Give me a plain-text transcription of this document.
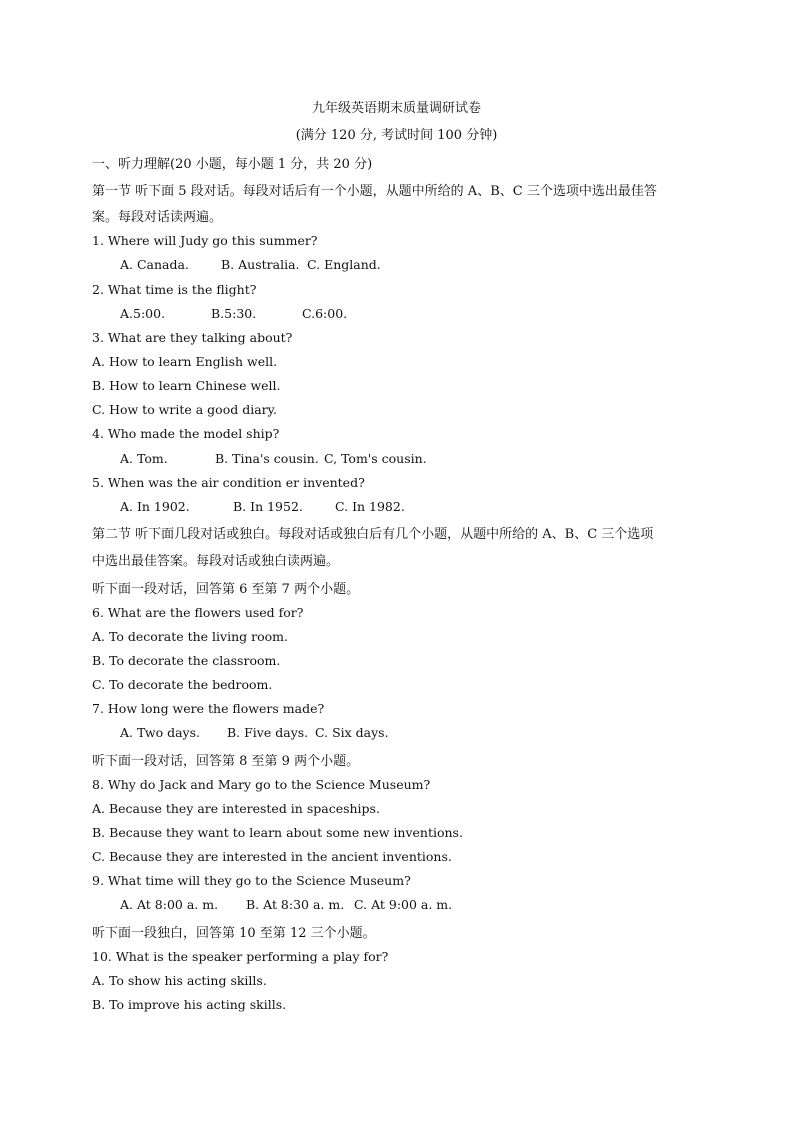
九年级英语期末质量调研试卷
(满分 120 分, 考试时间 100 分钟)
一、听力理解(20 小题，每小题 1 分，共 20 分)
第一节 听下面 5 段对话。每段对话后有一个小题，从题中所给的 A、B、C 三个选项中选出最佳答
案。每段对话读两遍。
1. Where will Judy go this summer?
A. Canada.	B. Australia. C. England.
2. What time is the flight?
A.5:00.	B.5:30.	C.6:00.
3. What are they talking about?
A. How to learn English well.
B. How to learn Chinese well.
C. How to write a good diary.
4. Who made the model ship?
A. Tom.	B. Tina's cousin. C, Tom's cousin.
5. When was the air condition er invented?
A. In 1902.	B. In 1952.	C. In 1982.
第二节 听下面几段对话或独白。每段对话或独白后有几个小题，从题中所给的 A、B、C 三个选项
中选出最佳答案。每段对话或独白读两遍。
听下面一段对话，回答第 6 至第 7 两个小题。
6. What are the flowers used for?
A. To decorate the living room.
B. To decorate the classroom.
C. To decorate the bedroom.
7. How long were the flowers made?
A. Two days. B. Five days. C. Six days.
听下面一段对话，回答第 8 至第 9 两个小题。
8. Why do Jack and Mary go to the Science Museum?
A. Because they are interested in spaceships.
B. Because they want to learn about some new inventions.
C. Because they are interested in the ancient inventions.
9. What time will they go to the Science Museum?
A. At 8:00 a. m. B. At 8:30 a. m. C. At 9:00 a. m.
听下面一段独白，回答第 10 至第 12 三个小题。
10. What is the speaker performing a play for?
A. To show his acting skills.
B. To improve his acting skills.
